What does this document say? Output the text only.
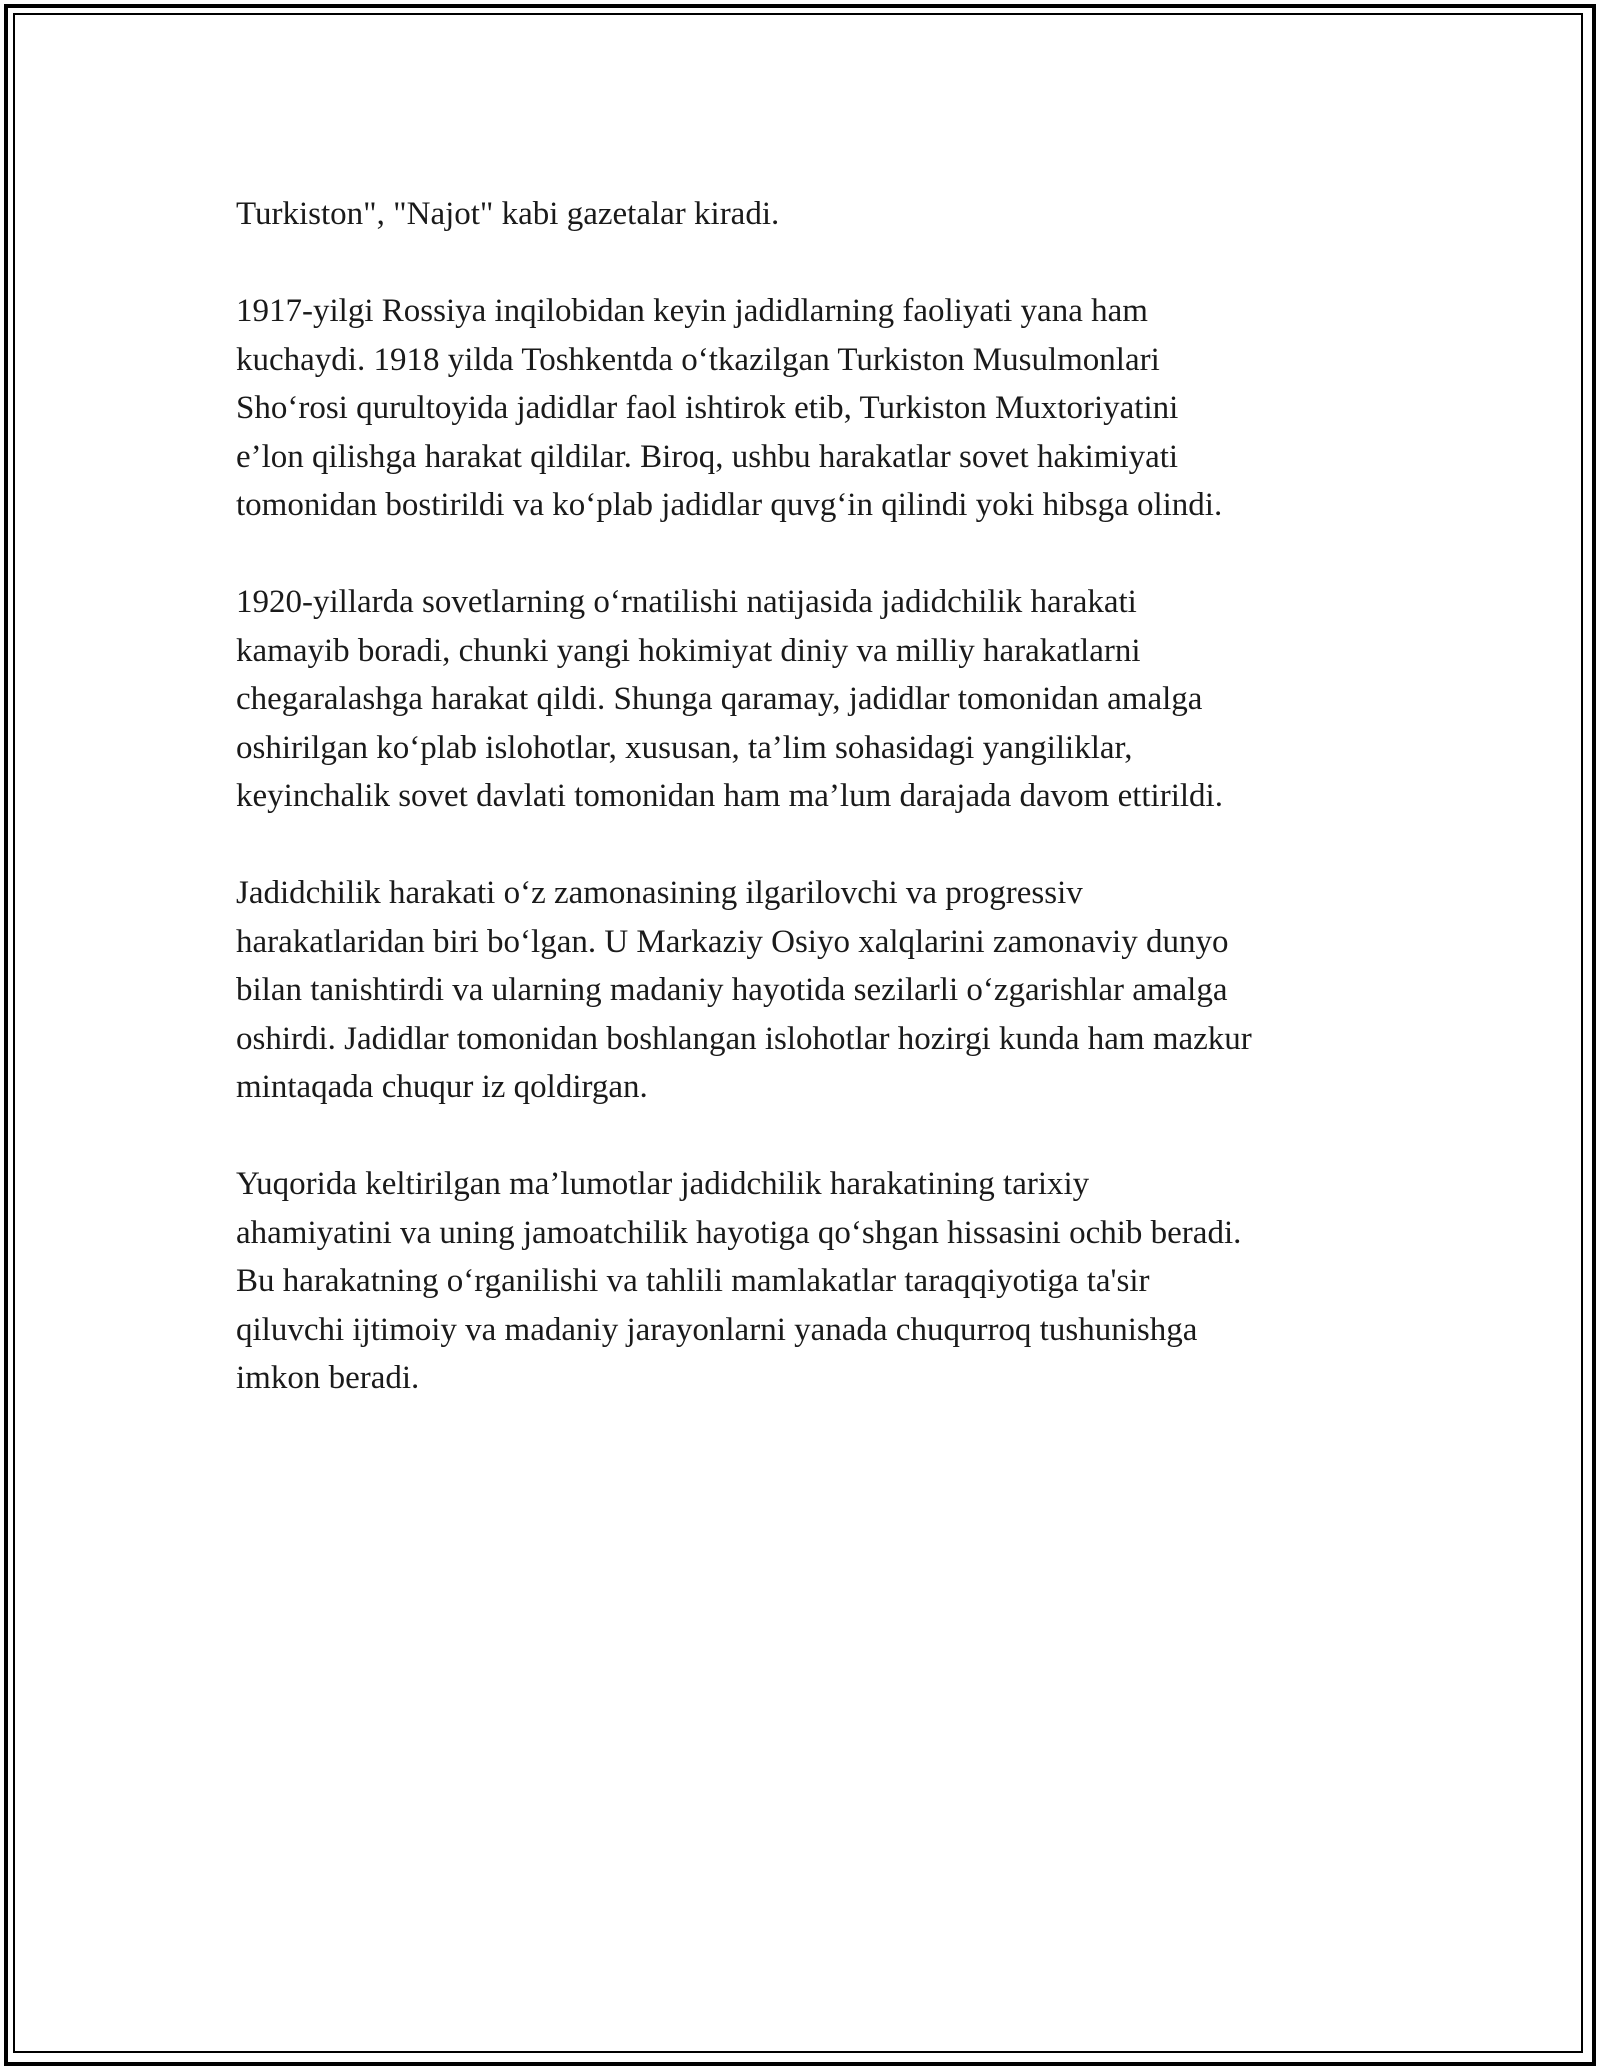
Turkiston", "Najot" kabi gazetalar kiradi.

1917-yilgi Rossiya inqilobidan keyin jadidlarning faoliyati yana ham
kuchaydi. 1918 yilda Toshkentda o‘tkazilgan Turkiston Musulmonlari
Sho‘rosi qurultoyida jadidlar faol ishtirok etib, Turkiston Muxtoriyatini
e’lon qilishga harakat qildilar. Biroq, ushbu harakatlar sovet hakimiyati
tomonidan bostirildi va ko‘plab jadidlar quvg‘in qilindi yoki hibsga olindi.

1920-yillarda sovetlarning o‘rnatilishi natijasida jadidchilik harakati
kamayib boradi, chunki yangi hokimiyat diniy va milliy harakatlarni
chegaralashga harakat qildi. Shunga qaramay, jadidlar tomonidan amalga
oshirilgan ko‘plab islohotlar, xususan, ta’lim sohasidagi yangiliklar,
keyinchalik sovet davlati tomonidan ham ma’lum darajada davom ettirildi.

Jadidchilik harakati o‘z zamonasining ilgarilovchi va progressiv
harakatlaridan biri bo‘lgan. U Markaziy Osiyo xalqlarini zamonaviy dunyo
bilan tanishtirdi va ularning madaniy hayotida sezilarli o‘zgarishlar amalga
oshirdi. Jadidlar tomonidan boshlangan islohotlar hozirgi kunda ham mazkur
mintaqada chuqur iz qoldirgan.

Yuqorida keltirilgan ma’lumotlar jadidchilik harakatining tarixiy
ahamiyatini va uning jamoatchilik hayotiga qo‘shgan hissasini ochib beradi.
Bu harakatning o‘rganilishi va tahlili mamlakatlar taraqqiyotiga ta'sir
qiluvchi ijtimoiy va madaniy jarayonlarni yanada chuqurroq tushunishga
imkon beradi.
